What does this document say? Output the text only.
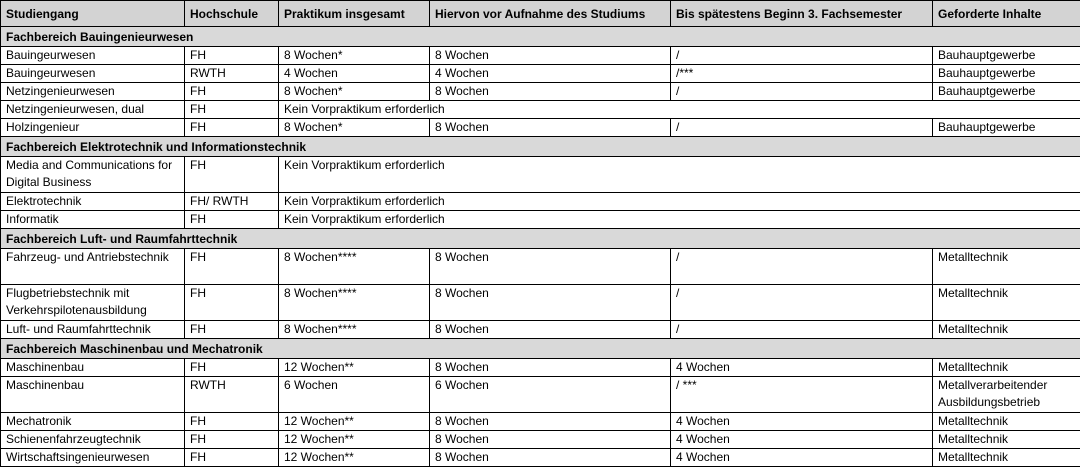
Studiengang	Hochschule	Praktikum insgesamt	Hiervon vor Aufnahme des Studiums	Bis spätestens Beginn 3. Fachsemester	Geforderte Inhalte
Fachbereich Bauingenieurwesen					
Bauingeurwesen	FH	8 Wochen*	8 Wochen	/	Bauhauptgewerbe
Bauingeurwesen	RWTH	4 Wochen	4 Wochen	/***	Bauhauptgewerbe
Netzingenieurwesen	FH	8 Wochen*	8 Wochen	/	Bauhauptgewerbe
Netzingenieurwesen, dual	FH	Kein Vorpraktikum erforderlich			
Holzingenieur	FH	8 Wochen*	8 Wochen	/	Bauhauptgewerbe
Fachbereich Elektrotechnik und Informationstechnik					
Media and Communications for Digital Business	FH	Kein Vorpraktikum erforderlich			
Elektrotechnik	FH/ RWTH	Kein Vorpraktikum erforderlich			
Informatik	FH	Kein Vorpraktikum erforderlich			
Fachbereich Luft- und Raumfahrttechnik					
Fahrzeug- und Antriebstechnik	FH	8 Wochen****	8 Wochen	/	Metalltechnik
Flugbetriebstechnik mit Verkehrspilotenausbildung	FH	8 Wochen****	8 Wochen	/	Metalltechnik
Luft- und Raumfahrttechnik	FH	8 Wochen****	8 Wochen	/	Metalltechnik
Fachbereich Maschinenbau und Mechatronik					
Maschinenbau	FH	12 Wochen**	8 Wochen	4 Wochen	Metalltechnik
Maschinenbau	RWTH	6 Wochen	6 Wochen	/ ***	Metallverarbeitender Ausbildungsbetrieb
Mechatronik	FH	12 Wochen**	8 Wochen	4 Wochen	Metalltechnik
Schienenfahrzeugtechnik	FH	12 Wochen**	8 Wochen	4 Wochen	Metalltechnik
Wirtschaftsingenieurwesen	FH	12 Wochen**	8 Wochen	4 Wochen	Metalltechnik
